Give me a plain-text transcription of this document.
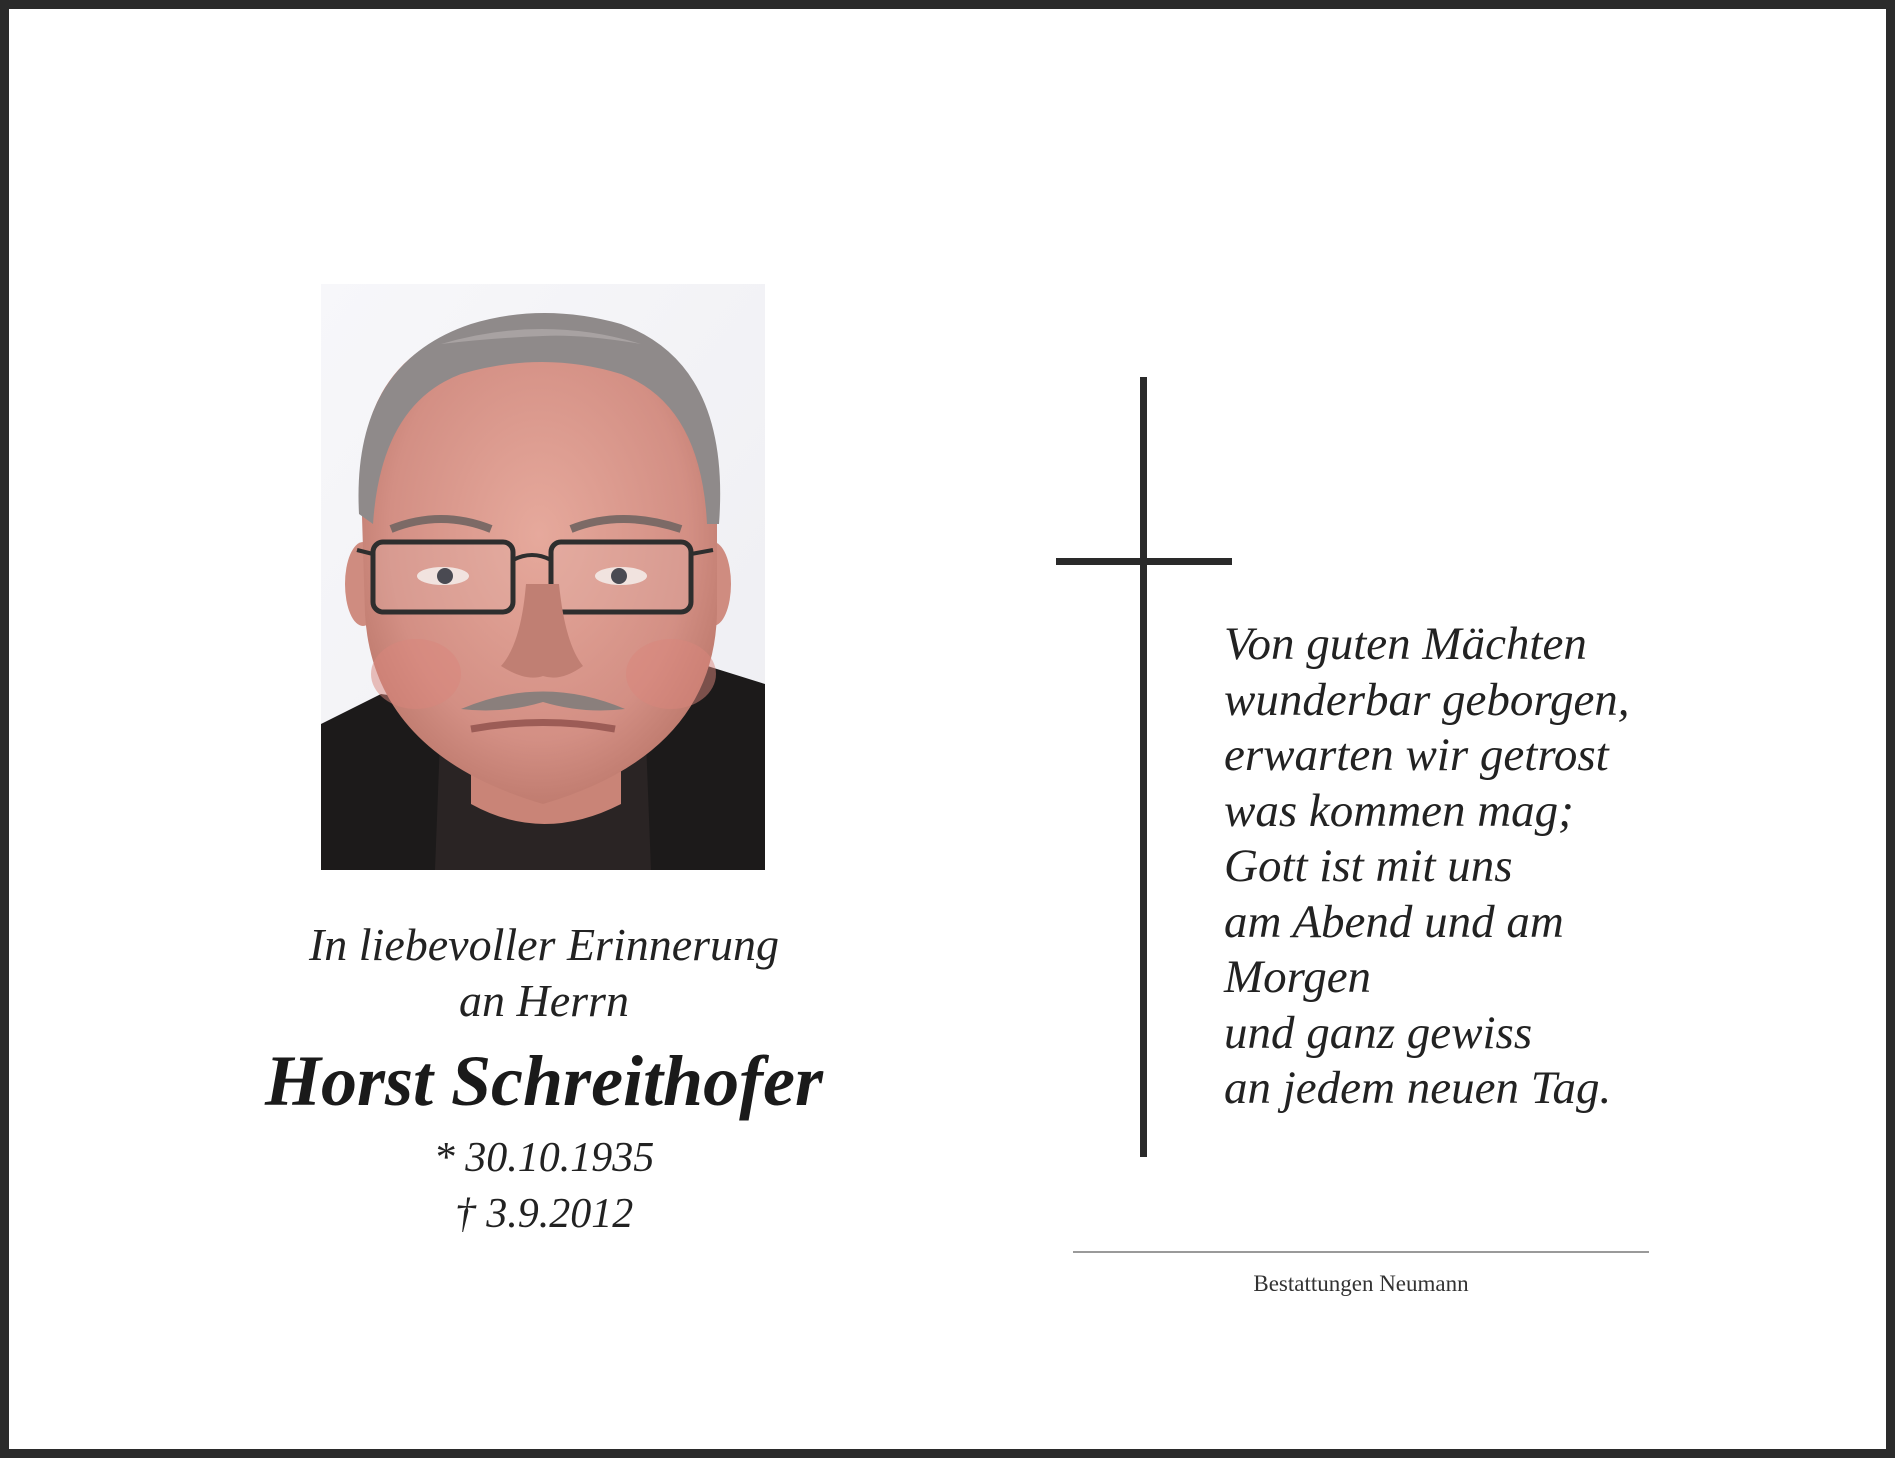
In liebevoller Erinnerung
an Herrn
Horst Schreithofer
* 30.10.1935
† 3.9.2012
Von guten Mächten
wunderbar geborgen,
erwarten wir getrost
was kommen mag;
Gott ist mit uns
am Abend und am
Morgen
und ganz gewiss
an jedem neuen Tag.
Bestattungen Neumann
